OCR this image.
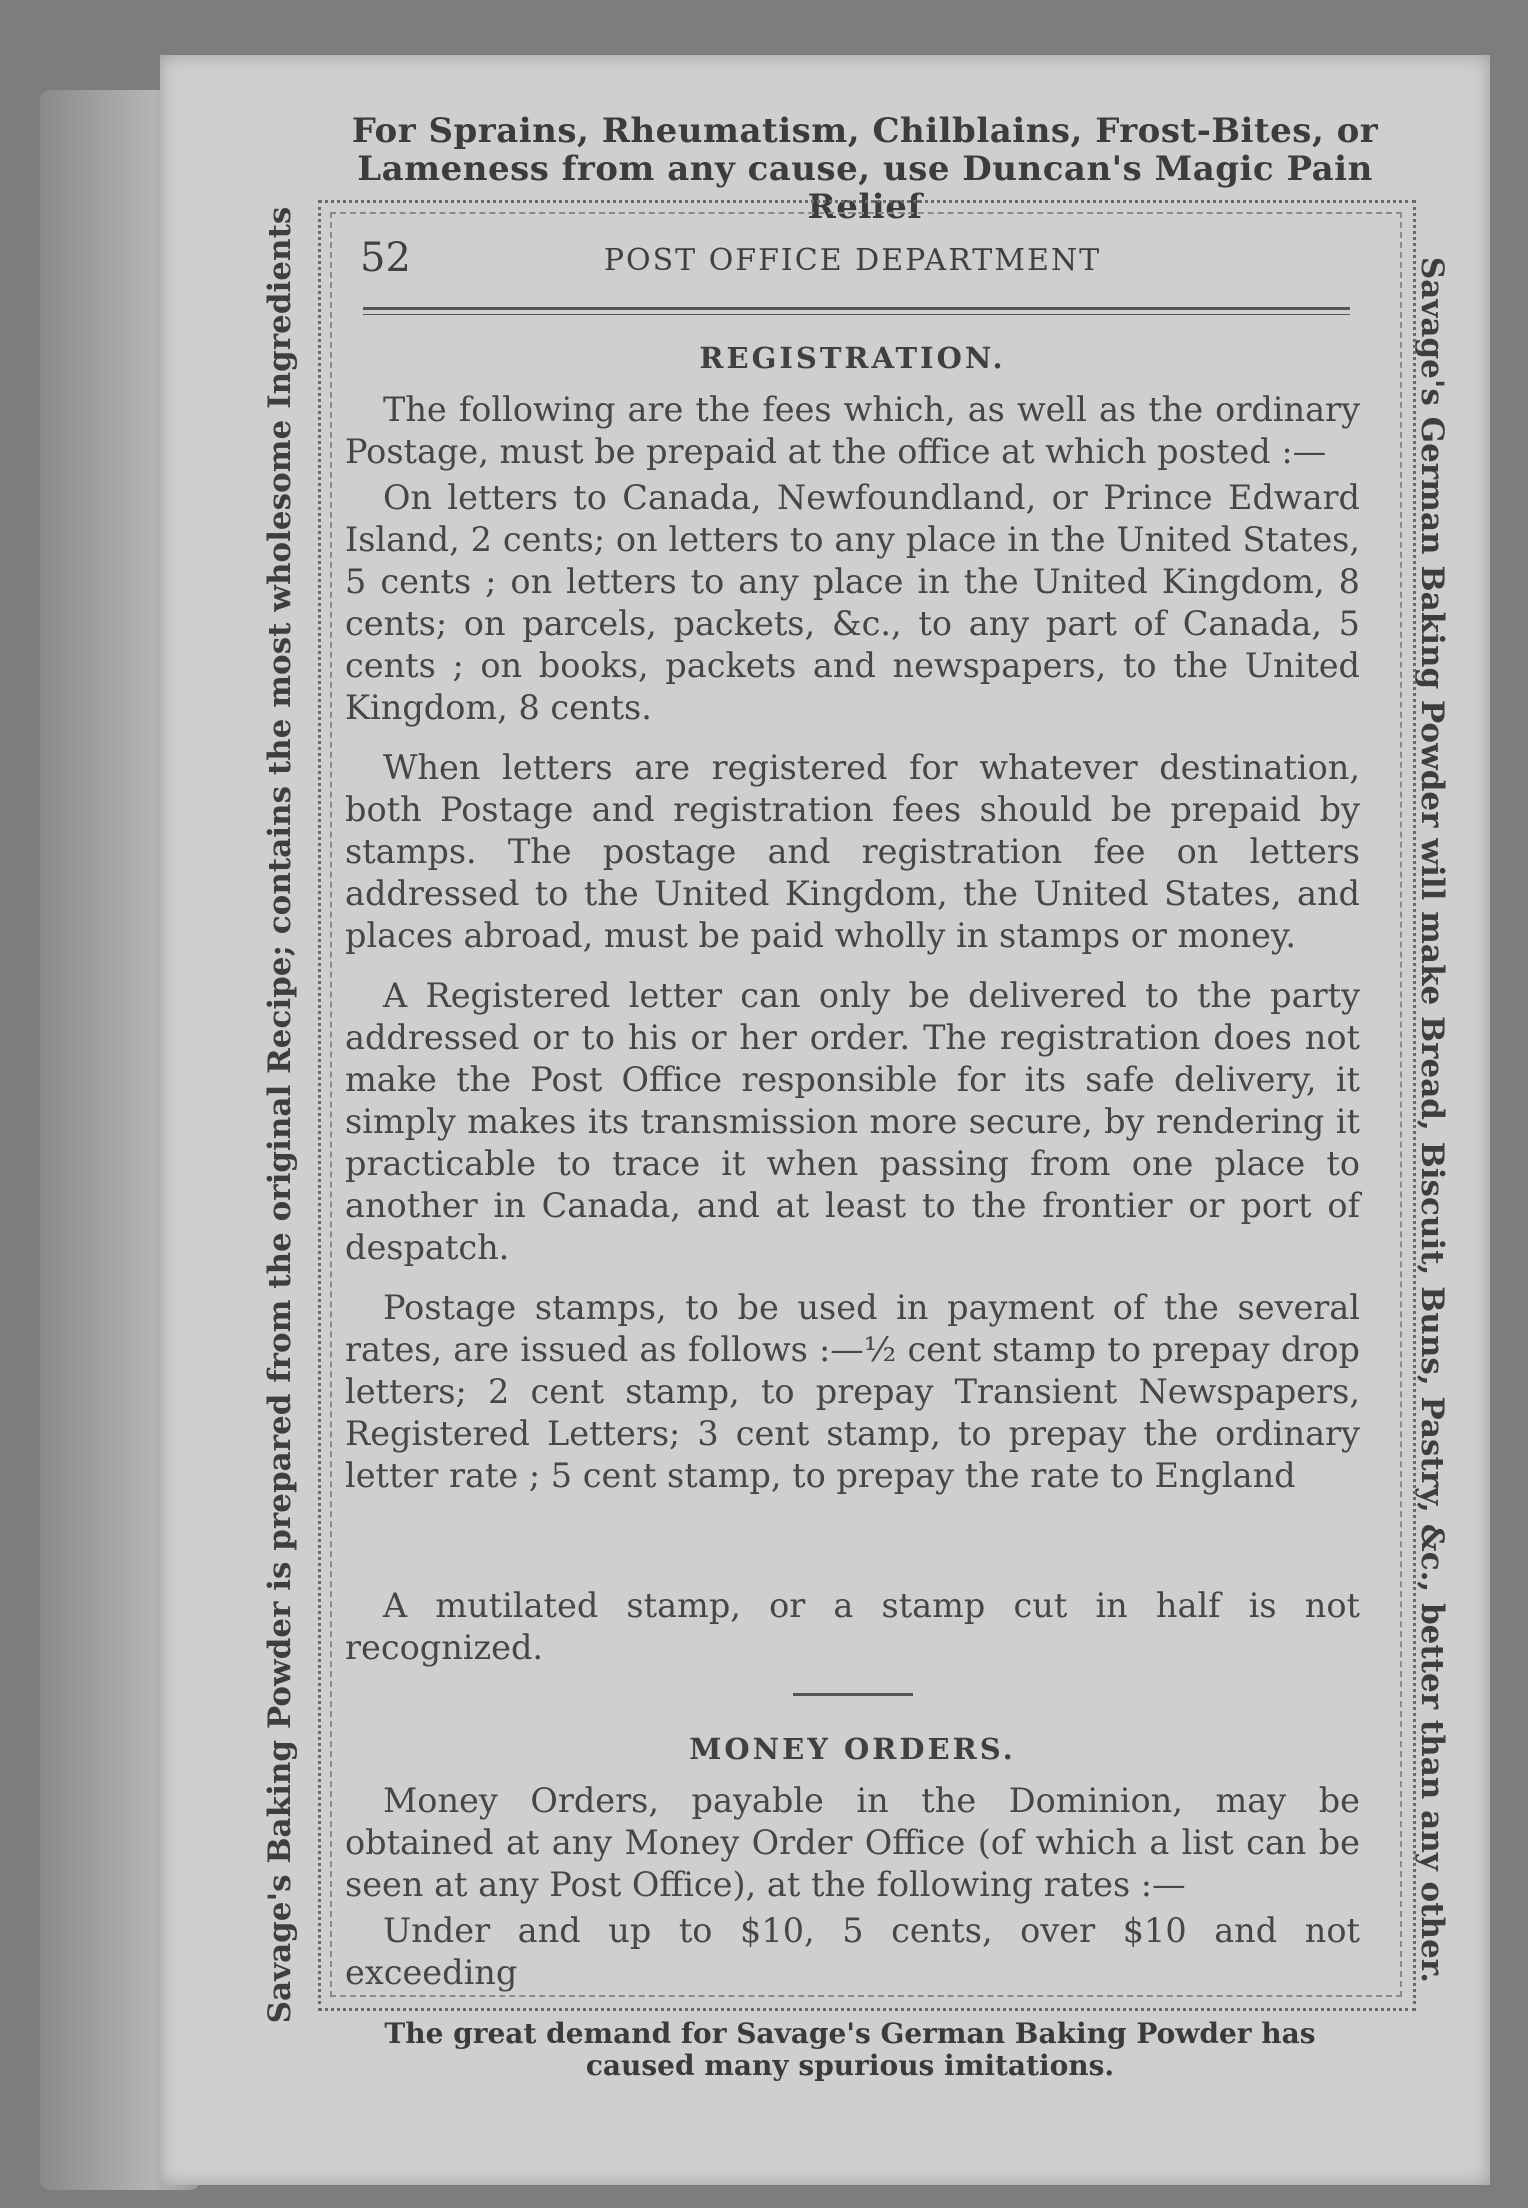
For Sprains, Rheumatism, Chilblains, Frost-Bites, or
Lameness from any cause, use Duncan's Magic Pain Relief
Savage's Baking Powder is prepared from the original Recipe; contains the most wholesome Ingredients	Savage's German Baking Powder will make Bread, Biscuit, Buns, Pastry, &c., better than any other.
52	POST OFFICE DEPARTMENT
REGISTRATION.

The following are the fees which, as well as the ordinary Postage, must be prepaid at the office at which posted :—

On letters to Canada, Newfoundland, or Prince Edward Island, 2 cents; on letters to any place in the United States, 5 cents ; on letters to any place in the United Kingdom, 8 cents; on parcels, packets, &c., to any part of Canada, 5 cents ; on books, packets and newspapers, to the United Kingdom, 8 cents.

When letters are registered for whatever destination, both Postage and registration fees should be prepaid by stamps. The postage and registration fee on letters addressed to the United Kingdom, the United States, and places abroad, must be paid wholly in stamps or money.

A Registered letter can only be delivered to the party addressed or to his or her order. The registration does not make the Post Office responsible for its safe delivery, it simply makes its transmission more secure, by rendering it practicable to trace it when passing from one place to another in Canada, and at least to the frontier or port of despatch.

Postage stamps, to be used in payment of the several rates, are issued as follows :—½ cent stamp to prepay drop letters; 2 cent stamp, to prepay Transient Newspapers, Registered Letters; 3 cent stamp, to prepay the ordinary letter rate ; 5 cent stamp, to prepay the rate to England

A mutilated stamp, or a stamp cut in half is not recognized.

MONEY ORDERS.

Money Orders, payable in the Dominion, may be obtained at any Money Order Office (of which a list can be seen at any Post Office), at the following rates :—

Under and up to $10, 5 cents, over $10 and not exceeding

The great demand for Savage's German Baking Powder has
caused many spurious imitations.
